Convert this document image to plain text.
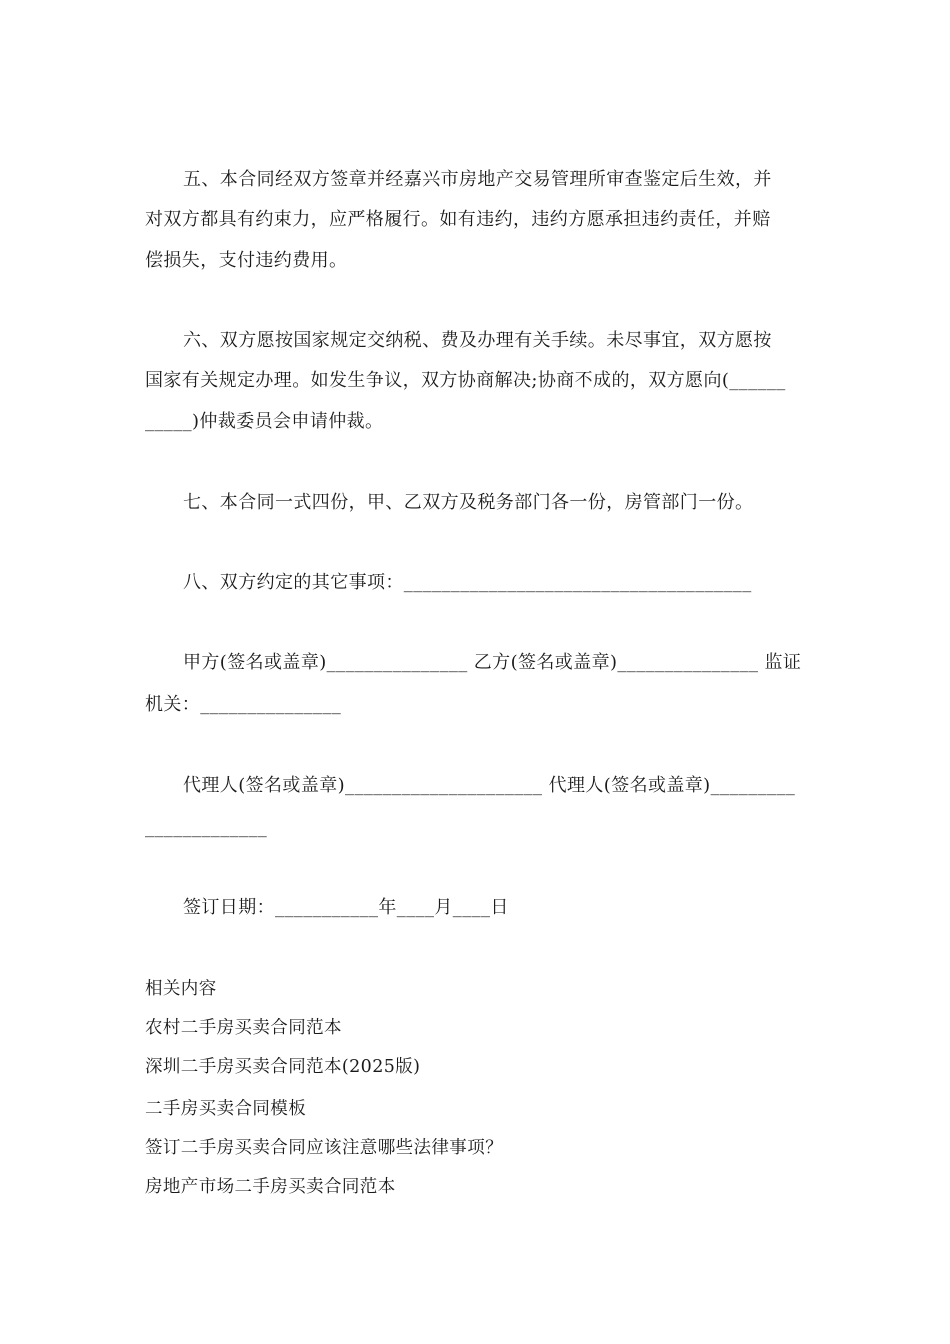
五、本合同经双方签章并经嘉兴市房地产交易管理所审查鉴定后生效，并
对双方都具有约束力，应严格履行。如有违约，违约方愿承担违约责任，并赔
偿损失，支付违约费用。
六、双方愿按国家规定交纳税、费及办理有关手续。未尽事宜，双方愿按
国家有关规定办理。如发生争议，双方协商解决;协商不成的，双方愿向(______
_____)仲裁委员会申请仲裁。
七、本合同一式四份，甲、乙双方及税务部门各一份，房管部门一份。
八、双方约定的其它事项：_____________________________________
甲方(签名或盖章)_______________ 乙方(签名或盖章)_______________ 监证
机关：_______________
代理人(签名或盖章)_____________________ 代理人(签名或盖章)_________
_____________
签订日期：___________年____月____日
相关内容
农村二手房买卖合同范本
深圳二手房买卖合同范本(2025版)
二手房买卖合同模板
签订二手房买卖合同应该注意哪些法律事项？
房地产市场二手房买卖合同范本
